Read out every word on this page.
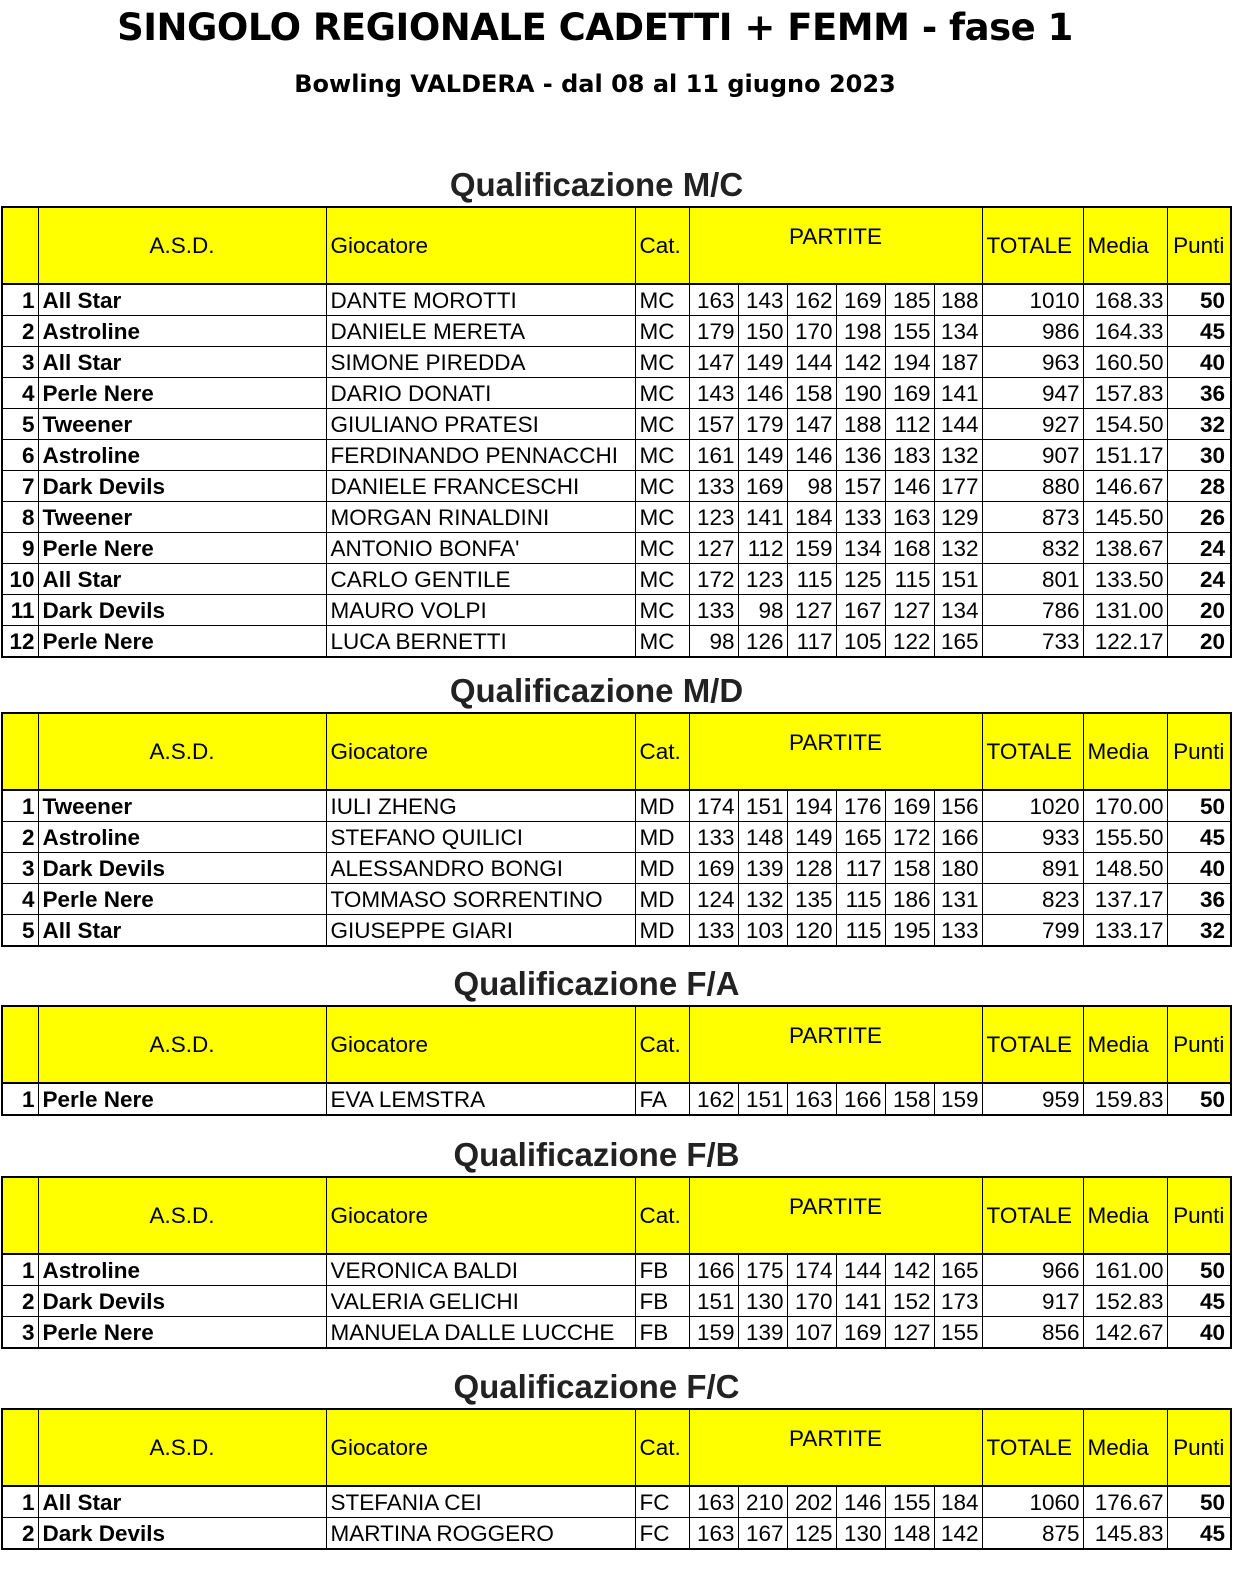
SINGOLO REGIONALE CADETTI + FEMM - fase 1
Bowling VALDERA - dal 08 al 11 giugno 2023
Qualificazione M/C
	A.S.D.	Giocatore	Cat.	PARTITE						TOTALE	Media	Punti
1	All Star	DANTE MOROTTI	MC	163	143	162	169	185	188	1010	168.33	50
2	Astroline	DANIELE MERETA	MC	179	150	170	198	155	134	986	164.33	45
3	All Star	SIMONE PIREDDA	MC	147	149	144	142	194	187	963	160.50	40
4	Perle Nere	DARIO DONATI	MC	143	146	158	190	169	141	947	157.83	36
5	Tweener	GIULIANO PRATESI	MC	157	179	147	188	112	144	927	154.50	32
6	Astroline	FERDINANDO PENNACCHI	MC	161	149	146	136	183	132	907	151.17	30
7	Dark Devils	DANIELE FRANCESCHI	MC	133	169	98	157	146	177	880	146.67	28
8	Tweener	MORGAN RINALDINI	MC	123	141	184	133	163	129	873	145.50	26
9	Perle Nere	ANTONIO BONFA'	MC	127	112	159	134	168	132	832	138.67	24
10	All Star	CARLO GENTILE	MC	172	123	115	125	115	151	801	133.50	24
11	Dark Devils	MAURO VOLPI	MC	133	98	127	167	127	134	786	131.00	20
12	Perle Nere	LUCA BERNETTI	MC	98	126	117	105	122	165	733	122.17	20
Qualificazione M/D
	A.S.D.	Giocatore	Cat.	PARTITE						TOTALE	Media	Punti
1	Tweener	IULI ZHENG	MD	174	151	194	176	169	156	1020	170.00	50
2	Astroline	STEFANO QUILICI	MD	133	148	149	165	172	166	933	155.50	45
3	Dark Devils	ALESSANDRO BONGI	MD	169	139	128	117	158	180	891	148.50	40
4	Perle Nere	TOMMASO SORRENTINO	MD	124	132	135	115	186	131	823	137.17	36
5	All Star	GIUSEPPE GIARI	MD	133	103	120	115	195	133	799	133.17	32
Qualificazione F/A
	A.S.D.	Giocatore	Cat.	PARTITE						TOTALE	Media	Punti
1	Perle Nere	EVA LEMSTRA	FA	162	151	163	166	158	159	959	159.83	50
Qualificazione F/B
	A.S.D.	Giocatore	Cat.	PARTITE						TOTALE	Media	Punti
1	Astroline	VERONICA BALDI	FB	166	175	174	144	142	165	966	161.00	50
2	Dark Devils	VALERIA GELICHI	FB	151	130	170	141	152	173	917	152.83	45
3	Perle Nere	MANUELA DALLE LUCCHE	FB	159	139	107	169	127	155	856	142.67	40
Qualificazione F/C
	A.S.D.	Giocatore	Cat.	PARTITE						TOTALE	Media	Punti
1	All Star	STEFANIA CEI	FC	163	210	202	146	155	184	1060	176.67	50
2	Dark Devils	MARTINA ROGGERO	FC	163	167	125	130	148	142	875	145.83	45
